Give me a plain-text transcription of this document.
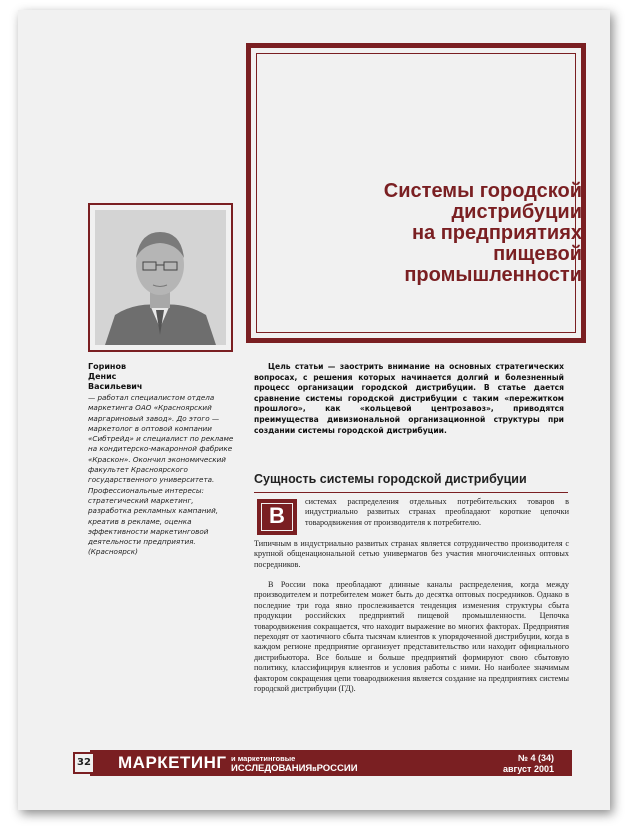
Системы городской
дистрибуции
на предприятиях
пищевой
промышленности
Горинов
Денис
Васильевич
— работал специалистом отдела маркетинга ОАО «Красноярский маргариновый завод». До этого — маркетолог в оптовой компании «Сибтрейд» и специалист по рекламе на кондитерско-макаронной фабрике «Краскон». Окончил экономический факультет Красноярского государственного университета. Профессиональные интересы: стратегический маркетинг, разработка рекламных кампаний, креатив в рекламе, оценка эффективности маркетинговой деятельности предприятия. (Красноярск)
Цель статьи — заострить внимание на основных стратегических вопросах, с решения которых начинается долгий и болезненный процесс организации городской дистрибуции. В статье дается сравнение системы городской дистрибуции с таким «пережитком прошлого», как «кольцевой центрозавоз», приводятся преимущества дивизиональной организационной структуры при создании системы городской дистрибуции.
Сущность системы городской дистрибуции
В
системах распределения отдельных потребительских товаров в индустриально развитых странах преобладают короткие цепочки товародвижения от производителя к потребителю.
Типичным в индустриально развитых странах является сотрудничество производителя с крупной общенациональной сетью универмагов без участия многочисленных оптовых посредников.
В России пока преобладают длинные каналы распределения, когда между производителем и потребителем может быть до десятка оптовых посредников. Однако в последние три года явно прослеживается тенденция изменения структуры сбыта продукции российских предприятий пищевой промышленности. Цепочка товародвижения сокращается, что находит выражение во многих факторах. Предприятия переходят от хаотичного сбыта тысячам клиентов к упорядоченной дистрибуции, когда в каждом регионе предприятие организует представительство или находит официального дистрибьютора. Все больше и больше предприятий формируют свою сбытовую политику, классифицируя клиентов и условия работы с ними. Но наиболее значимым фактором сокращения цепи товародвижения является создание на предприятиях системы городской дистрибуции (ГД).
32 МАРКЕТИНГ и маркетинговые
ИССЛЕДОВАНИЯвРОССИИ
№ 4 (34)
август 2001
